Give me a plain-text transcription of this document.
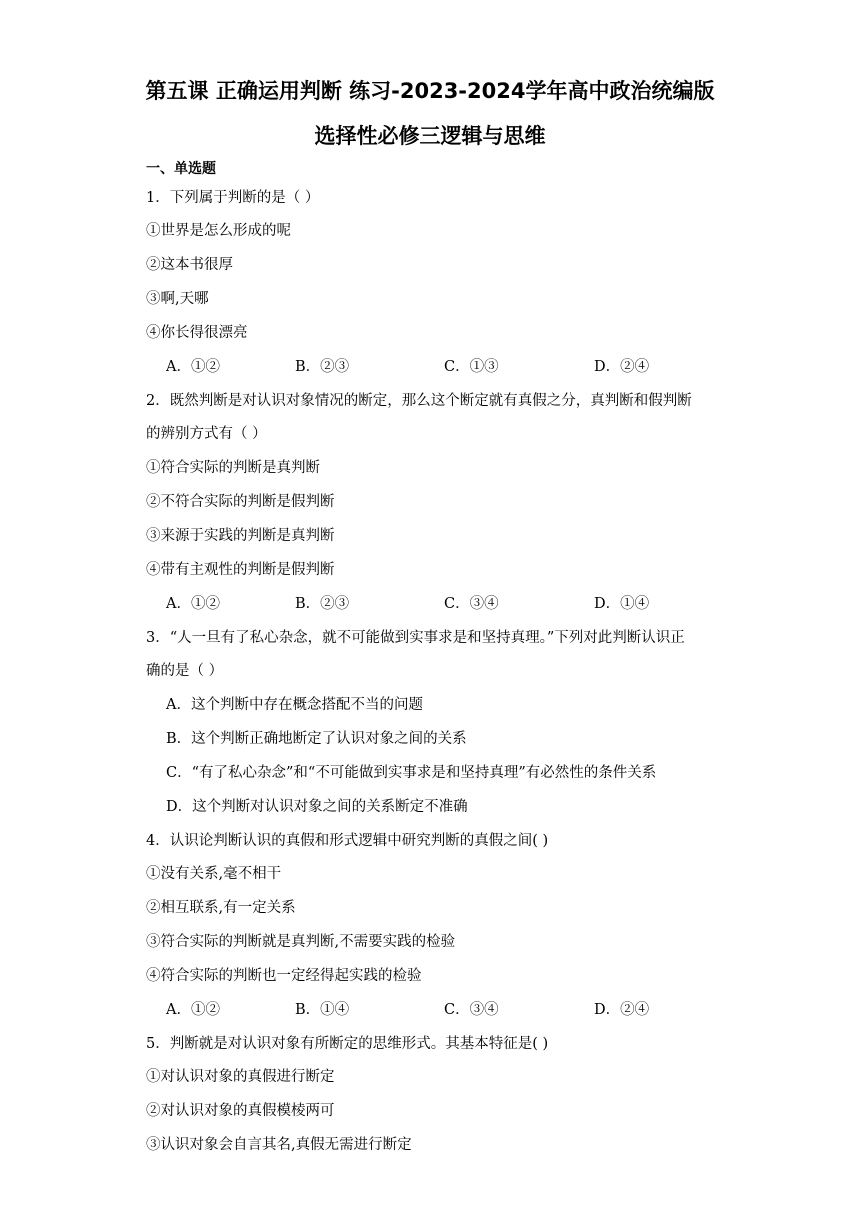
第五课 正确运用判断 练习-2023-2024学年高中政治统编版
选择性必修三逻辑与思维
一、单选题
1．下列属于判断的是（ ）
①世界是怎么形成的呢
②这本书很厚
③啊,天哪
④你长得很漂亮
A．①②	B．②③	C．①③	D．②④
2．既然判断是对认识对象情况的断定，那么这个断定就有真假之分，真判断和假判断
的辨别方式有（ ）
①符合实际的判断是真判断
②不符合实际的判断是假判断
③来源于实践的判断是真判断
④带有主观性的判断是假判断
A．①②	B．②③	C．③④	D．①④
3．“人一旦有了私心杂念，就不可能做到实事求是和坚持真理。”下列对此判断认识正
确的是（ ）
A．这个判断中存在概念搭配不当的问题
B．这个判断正确地断定了认识对象之间的关系
C．“有了私心杂念”和“不可能做到实事求是和坚持真理”有必然性的条件关系
D．这个判断对认识对象之间的关系断定不准确
4．认识论判断认识的真假和形式逻辑中研究判断的真假之间( )
①没有关系,毫不相干
②相互联系,有一定关系
③符合实际的判断就是真判断,不需要实践的检验
④符合实际的判断也一定经得起实践的检验
A．①②	B．①④	C．③④	D．②④
5．判断就是对认识对象有所断定的思维形式。其基本特征是( )
①对认识对象的真假进行断定
②对认识对象的真假模棱两可
③认识对象会自言其名,真假无需进行断定
